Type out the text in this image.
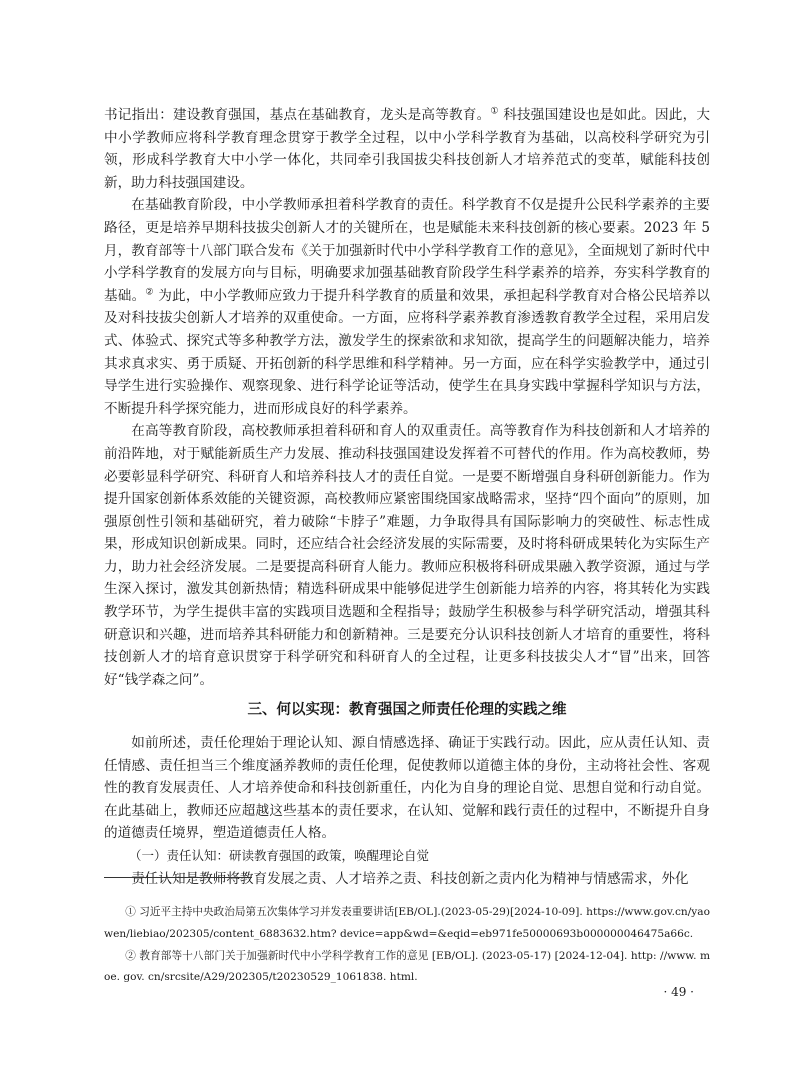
书记指出：建设教育强国，基点在基础教育，龙头是高等教育。① 科技强国建设也是如此。因此，大中小学教师应将科学教育理念贯穿于教学全过程，以中小学科学教育为基础，以高校科学研究为引领，形成科学教育大中小学一体化，共同牵引我国拔尖科技创新人才培养范式的变革，赋能科技创新，助力科技强国建设。

在基础教育阶段，中小学教师承担着科学教育的责任。科学教育不仅是提升公民科学素养的主要路径，更是培养早期科技拔尖创新人才的关键所在，也是赋能未来科技创新的核心要素。2023 年 5 月，教育部等十八部门联合发布《关于加强新时代中小学科学教育工作的意见》，全面规划了新时代中小学科学教育的发展方向与目标，明确要求加强基础教育阶段学生科学素养的培养，夯实科学教育的基础。② 为此，中小学教师应致力于提升科学教育的质量和效果，承担起科学教育对合格公民培养以及对科技拔尖创新人才培养的双重使命。一方面，应将科学素养教育渗透教育教学全过程，采用启发式、体验式、探究式等多种教学方法，激发学生的探索欲和求知欲，提高学生的问题解决能力，培养其求真求实、勇于质疑、开拓创新的科学思维和科学精神。另一方面，应在科学实验教学中，通过引导学生进行实验操作、观察现象、进行科学论证等活动，使学生在具身实践中掌握科学知识与方法，不断提升科学探究能力，进而形成良好的科学素养。

在高等教育阶段，高校教师承担着科研和育人的双重责任。高等教育作为科技创新和人才培养的前沿阵地，对于赋能新质生产力发展、推动科技强国建设发挥着不可替代的作用。作为高校教师，势必要彰显科学研究、科研育人和培养科技人才的责任自觉。一是要不断增强自身科研创新能力。作为提升国家创新体系效能的关键资源，高校教师应紧密围绕国家战略需求，坚持“四个面向”的原则，加强原创性引领和基础研究，着力破除“卡脖子”难题，力争取得具有国际影响力的突破性、标志性成果，形成知识创新成果。同时，还应结合社会经济发展的实际需要，及时将科研成果转化为实际生产力，助力社会经济发展。二是要提高科研育人能力。教师应积极将科研成果融入教学资源，通过与学生深入探讨，激发其创新热情；精选科研成果中能够促进学生创新能力培养的内容，将其转化为实践教学环节，为学生提供丰富的实践项目选题和全程指导；鼓励学生积极参与科学研究活动，增强其科研意识和兴趣，进而培养其科研能力和创新精神。三是要充分认识科技创新人才培育的重要性，将科技创新人才的培育意识贯穿于科学研究和科研育人的全过程，让更多科技拔尖人才“冒”出来，回答好“钱学森之问”。

三、何以实现：教育强国之师责任伦理的实践之维

如前所述，责任伦理始于理论认知、源自情感选择、确证于实践行动。因此，应从责任认知、责任情感、责任担当三个维度涵养教师的责任伦理，促使教师以道德主体的身份，主动将社会性、客观性的教育发展责任、人才培养使命和科技创新重任，内化为自身的理论自觉、思想自觉和行动自觉。在此基础上，教师还应超越这些基本的责任要求，在认知、觉解和践行责任的过程中，不断提升自身的道德责任境界，塑造道德责任人格。

（一）责任认知：研读教育强国的政策，唤醒理论自觉

责任认知是教师将教育发展之责、人才培养之责、科技创新之责内化为精神与情感需求，外化

① 习近平主持中央政治局第五次集体学习并发表重要讲话[EB/OL].(2023-05-29)[2024-10-09]. https://www.gov.cn/yaowen/liebiao/202305/content_6883632.htm? device=app&wd=&eqid=eb971fe50000693b000000046475a66c.

② 教育部等十八部门关于加强新时代中小学科学教育工作的意见 [EB/OL]. (2023-05-17) [2024-12-04]. http: //www. moe. gov. cn/srcsite/A29/202305/t20230529_1061838. html.

· 49 ·
